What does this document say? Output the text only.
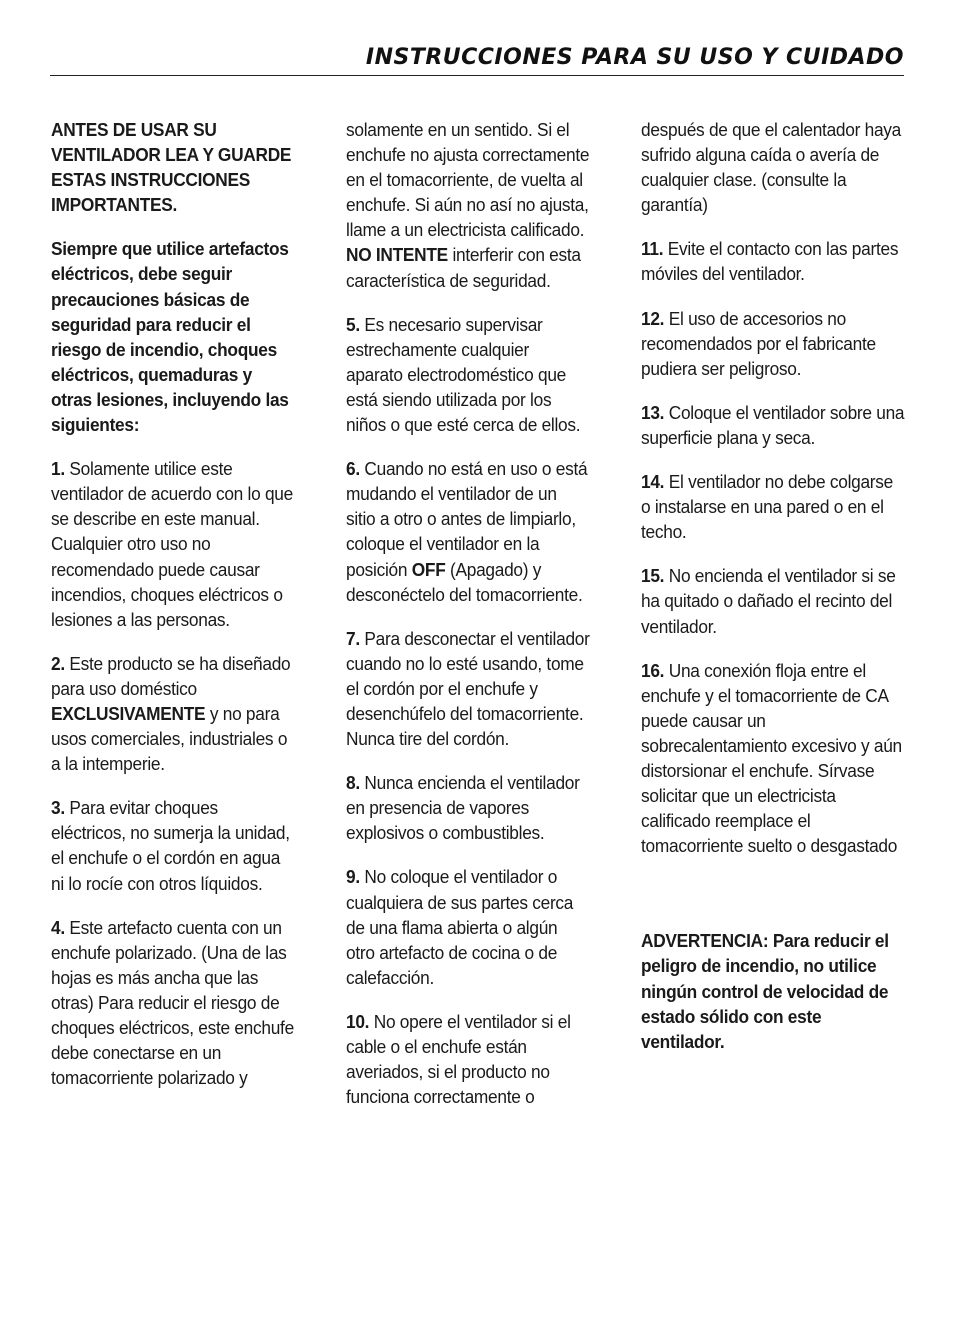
INSTRUCCIONES PARA SU USO Y CUIDADO

ANTES DE USAR SU VENTILADOR LEA Y GUARDE ESTAS INSTRUCCIONES IMPORTANTES.

Siempre que utilice artefactos eléctricos, debe seguir precauciones básicas de seguridad para reducir el riesgo de incendio, choques eléctricos, quemaduras y otras lesiones, incluyendo las siguientes:

1. Solamente utilice este ventilador de acuerdo con lo que se describe en este manual. Cualquier otro uso no recomendado puede causar incendios, choques eléctricos o lesiones a las personas.

2. Este producto se ha diseñado para uso doméstico EXCLUSIVAMENTE y no para usos comerciales, industriales o a la intemperie.

3. Para evitar choques eléctricos, no sumerja la unidad, el enchufe o el cordón en agua ni lo rocíe con otros líquidos.

4. Este artefacto cuenta con un enchufe polarizado. (Una de las hojas es más ancha que las otras) Para reducir el riesgo de choques eléctricos, este enchufe debe conectarse en un tomacorriente polarizado y

solamente en un sentido. Si el enchufe no ajusta correctamente en el tomacorriente, de vuelta al enchufe. Si aún no así no ajusta, llame a un electricista calificado. NO INTENTE interferir con esta característica de seguridad.

5. Es necesario supervisar estrechamente cualquier aparato electrodoméstico que está siendo utilizada por los niños o que esté cerca de ellos.

6. Cuando no está en uso o está mudando el ventilador de un sitio a otro o antes de limpiarlo, coloque el ventilador en la posición OFF (Apagado) y desconéctelo del tomacorriente.

7. Para desconectar el ventilador cuando no lo esté usando, tome el cordón por el enchufe y desenchúfelo del tomacorriente. Nunca tire del cordón.

8. Nunca encienda el ventilador en presencia de vapores explosivos o combustibles.

9. No coloque el ventilador o cualquiera de sus partes cerca de una flama abierta o algún otro artefacto de cocina o de calefacción.

10. No opere el ventilador si el cable o el enchufe están averiados, si el producto no funciona correctamente o

después de que el calentador haya sufrido alguna caída o avería de cualquier clase. (consulte la garantía)

11. Evite el contacto con las partes móviles del ventilador.

12. El uso de accesorios no recomendados por el fabricante pudiera ser peligroso.

13. Coloque el ventilador sobre una superficie plana y seca.

14. El ventilador no debe colgarse o instalarse en una pared o en el techo.

15. No encienda el ventilador si se ha quitado o dañado el recinto del ventilador.

16. Una conexión floja entre el enchufe y el tomacorriente de CA puede causar un sobrecalentamiento excesivo y aún distorsionar el enchufe. Sírvase solicitar que un electricista calificado reemplace el tomacorriente suelto o desgastado

ADVERTENCIA: Para reducir el peligro de incendio, no utilice ningún control de velocidad de estado sólido con este ventilador.
